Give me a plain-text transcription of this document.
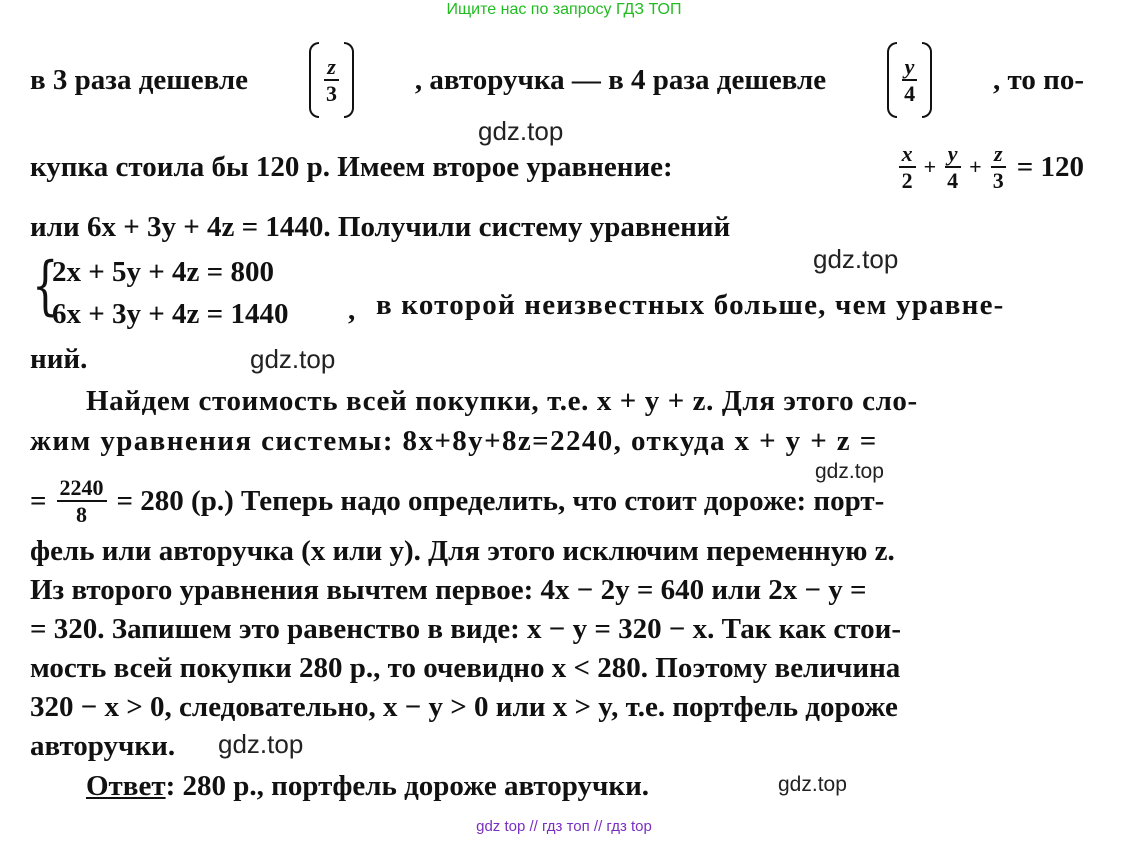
Ищите нас по запросу ГДЗ ТОП
в 3 раза дешевле	$\frac{z}{3}$	, авторучка — в 4 раза дешевле	$\frac{y}{4}$	, то по-
gdz.top
купка стоила бы 120 р. Имеем второе уравнение:	$\frac{x}{2} + \frac{y}{4} + \frac{z}{3} = 120$
или 6x + 3y + 4z = 1440. Получили систему уравнений
gdz.top
{
2x + 5y + 4z = 800
6x + 3y + 4z = 1440 , в которой неизвестных больше, чем уравне-
ний.	gdz.top
Найдем стоимость всей покупки, т.е. x + y + z. Для этого сло-
жим уравнения системы: 8x+8y+8z=2240, откуда x + y + z =
gdz.top
= $\frac{2240}{8} = 280$ (р.) Теперь надо определить, что стоит дороже: порт-
фель или авторучка (x или y). Для этого исключим переменную z.
Из второго уравнения вычтем первое: 4x − 2y = 640 или 2x − y =
= 320. Запишем это равенство в виде: x − y = 320 − x. Так как стои-
мость всей покупки 280 р., то очевидно x < 280. Поэтому величина
320 − x > 0, следовательно, x − y > 0 или x > y, т.е. портфель дороже
авторучки.	gdz.top
Ответ : 280 р., портфель дороже авторучки.	gdz.top
gdz top // гдз топ // гдз top
